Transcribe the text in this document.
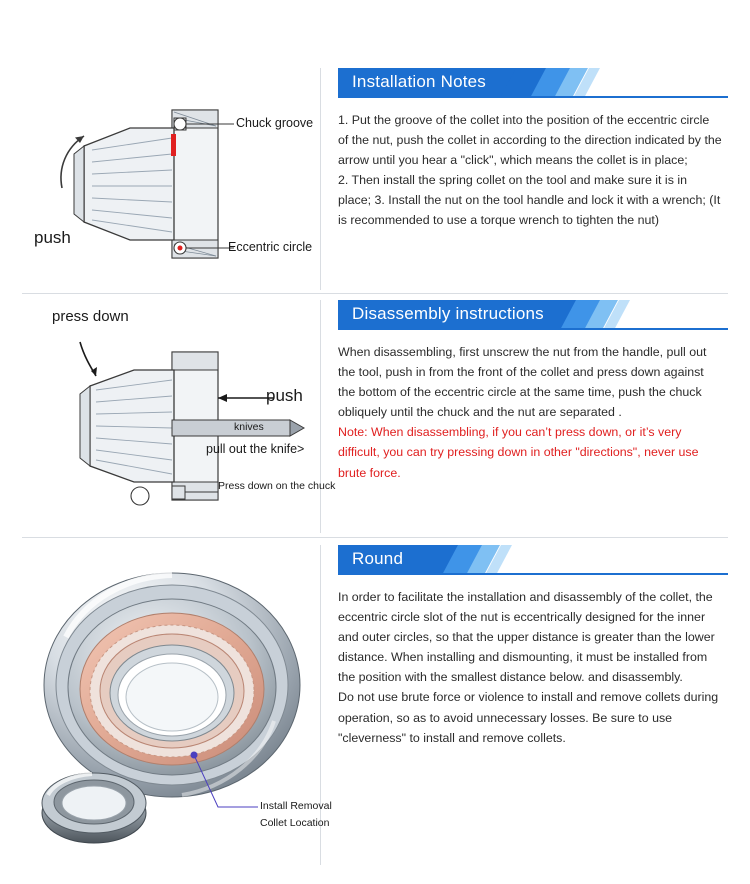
Chuck groove
Eccentric circle
push
Installation Notes

1. Put the groove of the collet into the position of the eccentric circle of the nut, push the collet in according to the direction indicated by the arrow until you hear a "click", which means the collet is in place;

2. Then install the spring collet on the tool and make sure it is in place; 3. Install the nut on the tool handle and lock it with a wrench; (It is recommended to use a torque wrench to tighten the nut)

press down
push
knives
pull out the knife>
Press down on the chuck
Disassembly instructions

When disassembling, first unscrew the nut from the handle, pull out the tool, push in from the front of the collet and press down against the bottom of the eccentric circle at the same time, push the chuck obliquely until the chuck and the nut are separated .

Note: When disassembling, if you can’t press down, or it’s very difficult, you can try pressing down in other "directions", never use brute force.

Install Removal
Collet Location
Round

In order to facilitate the installation and disassembly of the collet, the eccentric circle slot of the nut is eccentrically designed for the inner and outer circles, so that the upper distance is greater than the lower distance. When installing and dismounting, it must be installed from the position with the smallest distance below. and disassembly.

Do not use brute force or violence to install and remove collets during operation, so as to avoid unnecessary losses. Be sure to use "cleverness" to install and remove collets.
